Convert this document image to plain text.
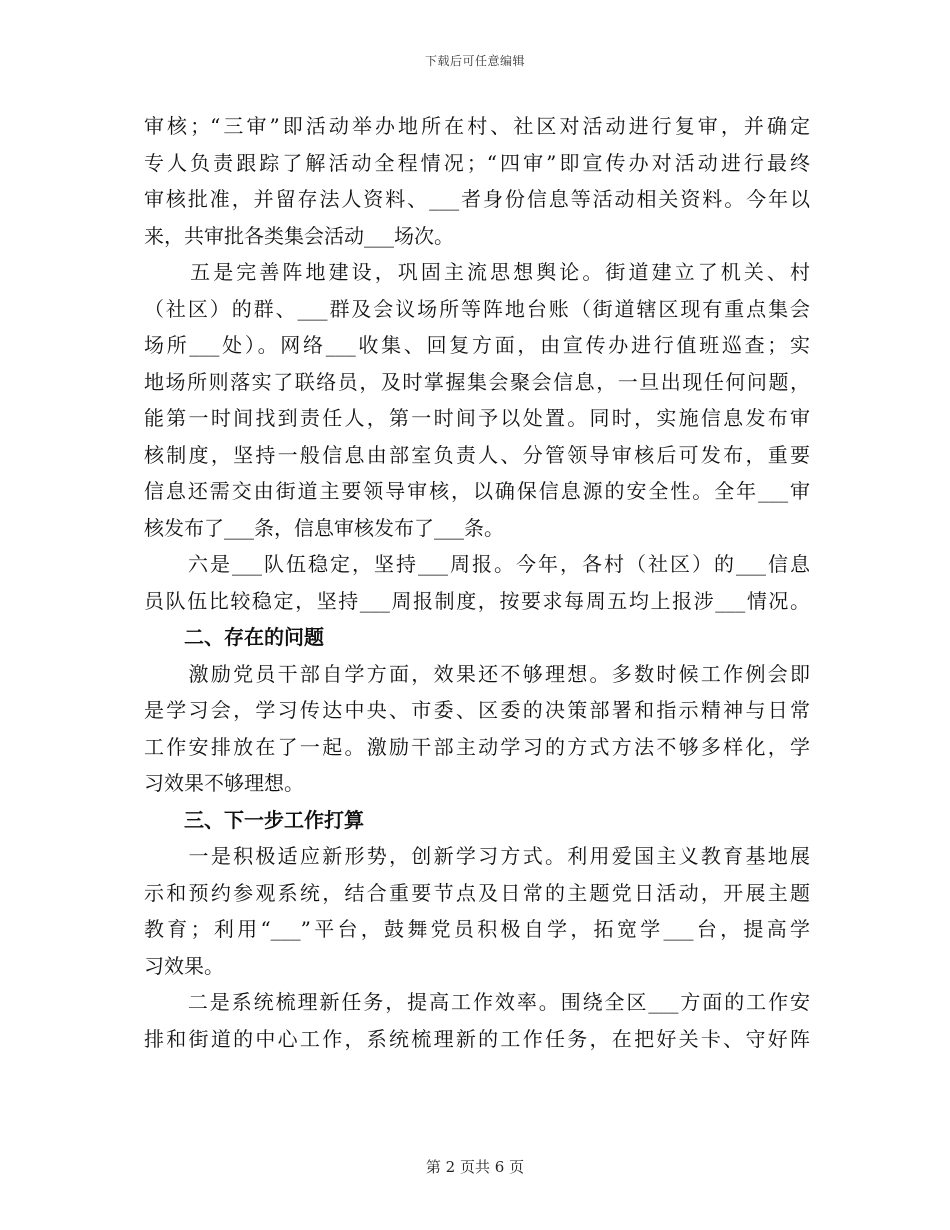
下载后可任意编辑
审核；“三审”即活动举办地所在村、社区对活动进行复审，并确定
专人负责跟踪了解活动全程情况；“四审”即宣传办对活动进行最终
审核批准，并留存法人资料、___者身份信息等活动相关资料。今年以
来，共审批各类集会活动___场次。
　　五是完善阵地建设，巩固主流思想舆论。街道建立了机关、村
（社区）的群、___群及会议场所等阵地台账（街道辖区现有重点集会
场所___处）。网络___收集、回复方面，由宣传办进行值班巡查；实
地场所则落实了联络员，及时掌握集会聚会信息，一旦出现任何问题，
能第一时间找到责任人，第一时间予以处置。同时，实施信息发布审
核制度，坚持一般信息由部室负责人、分管领导审核后可发布，重要
信息还需交由街道主要领导审核，以确保信息源的安全性。全年___审
核发布了___条，信息审核发布了___条。
　　六是___队伍稳定，坚持___周报。今年，各村（社区）的___信息
员队伍比较稳定，坚持___周报制度，按要求每周五均上报涉___情况。
　　二、存在的问题
　　激励党员干部自学方面，效果还不够理想。多数时候工作例会即
是学习会，学习传达中央、市委、区委的决策部署和指示精神与日常
工作安排放在了一起。激励干部主动学习的方式方法不够多样化，学
习效果不够理想。
　　三、下一步工作打算
　　一是积极适应新形势，创新学习方式。利用爱国主义教育基地展
示和预约参观系统，结合重要节点及日常的主题党日活动，开展主题
教育；利用“___”平台，鼓舞党员积极自学，拓宽学___台，提高学
习效果。
　　二是系统梳理新任务，提高工作效率。围绕全区___方面的工作安
排和街道的中心工作，系统梳理新的工作任务，在把好关卡、守好阵
第 2 页共 6 页
